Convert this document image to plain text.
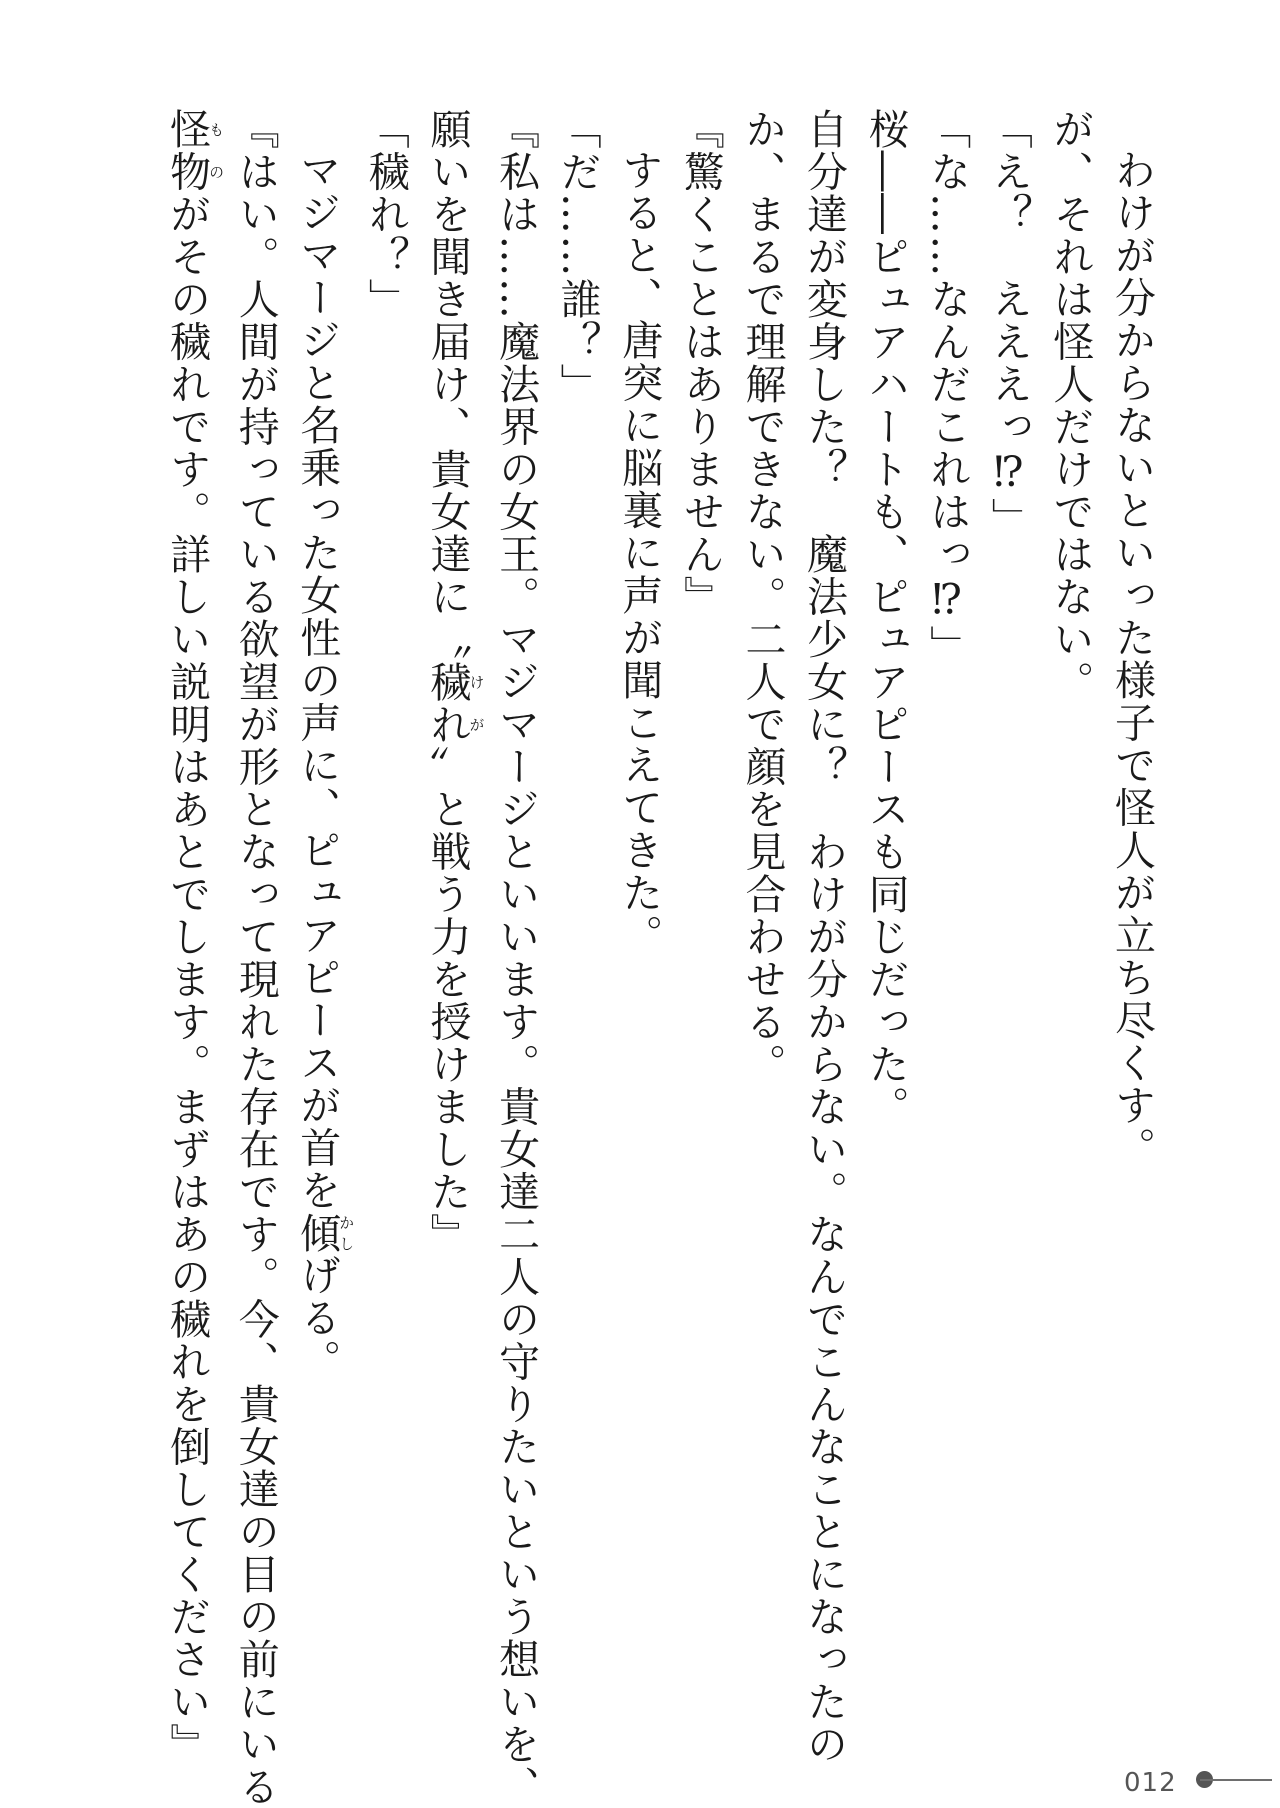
わけが分からないといった様子で怪人が立ち尽くす。
が、それは怪人だけではない。
「え？　えええっ⁉」
「な……なんだこれはっ⁉」
桜――ピュアハートも、ピュアピースも同じだった。
自分達が変身した？　魔法少女に？　わけが分からない。なんでこんなことになったの
か、まるで理解できない。二人で顔を見合わせる。
『驚くことはありません』
すると、唐突に脳裏に声が聞こえてきた。
「だ……誰？」
『私は……魔法界の女王。マジマージといいます。貴女達二人の守りたいという想いを、
願いを聞き届け、貴女達に〝穢れけが〟と戦う力を授けました』
「穢れ？」
マジマージと名乗った女性の声に、ピュアピースが首を傾かしげる。
『はい。人間が持っている欲望が形となって現れた存在です。今、貴女達の目の前にいる
怪物ものがその穢れです。詳しい説明はあとでします。まずはあの穢れを倒してください』
012
